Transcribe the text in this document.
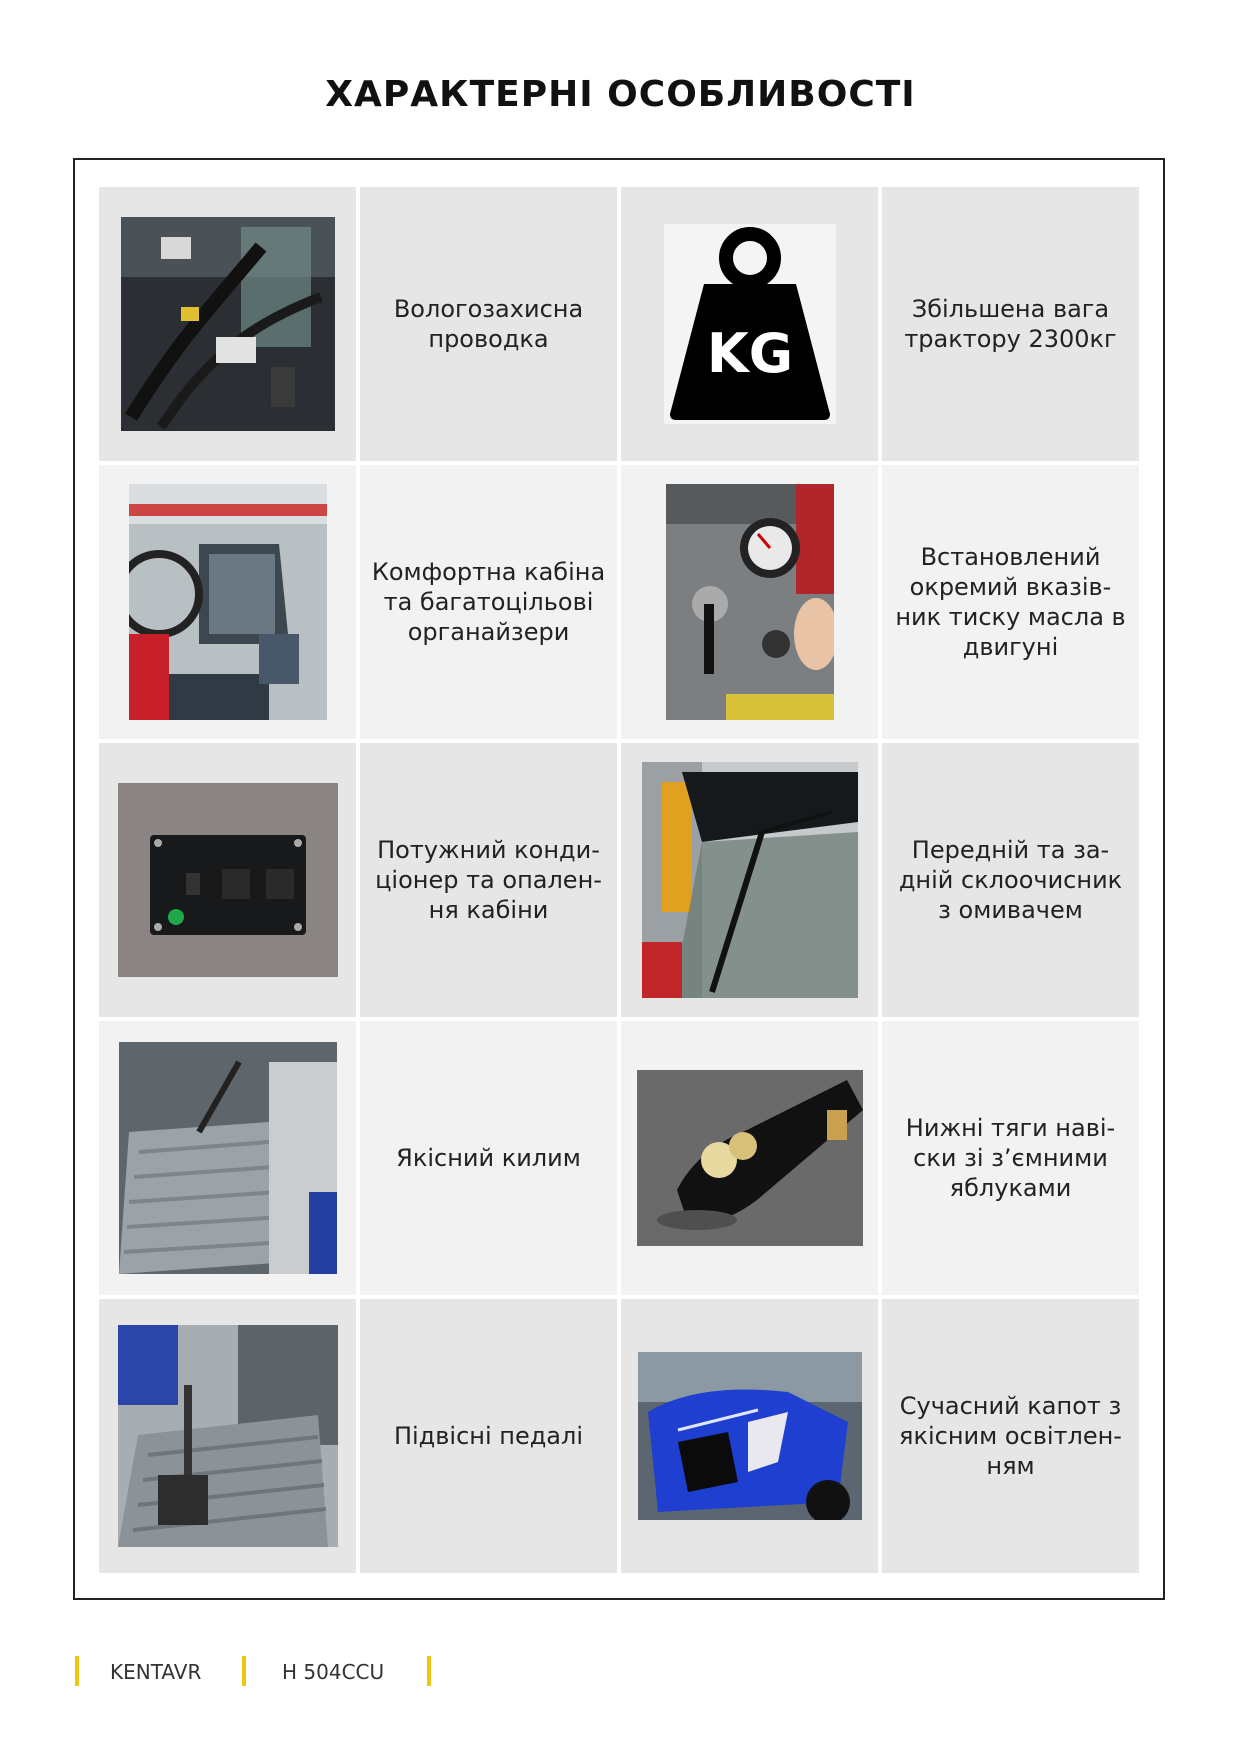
ХАРАКТЕРНІ ОСОБЛИВОСТІ
Вологозахисна проводка	KG
Збільшена вага трактору 2300кг
Комфортна кабіна та багатоцільові органайзери
Встановлений окремий вказів-ник тиску масла в двигуні
Потужний конди-ціонер та опален-ня кабіни
Передній та за-дній склоочисник з омивачем
Якісний килим
Нижні тяги наві-ски зі з’ємними яблуками
Підвісні педалі
Сучасний капот з якісним освітлен-ням
KENTAVR	H 504CCU
